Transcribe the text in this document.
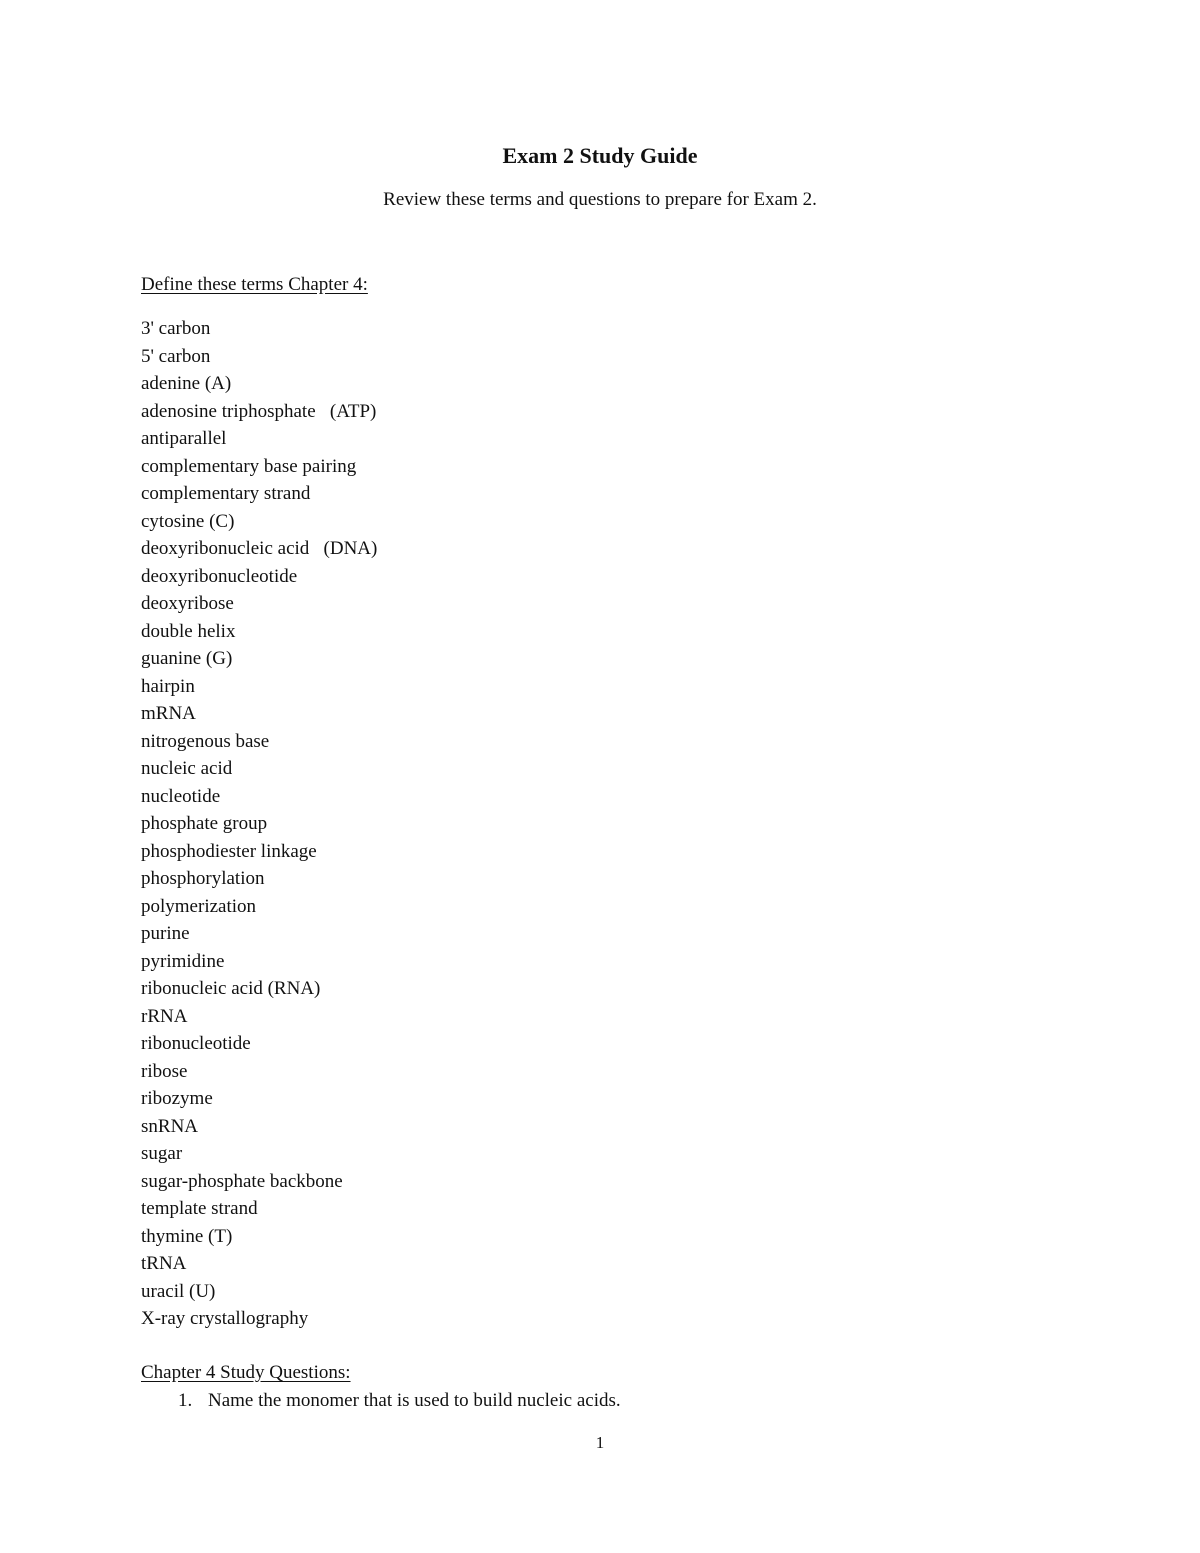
Exam 2 Study Guide
Review these terms and questions to prepare for Exam 2.
Define these terms Chapter 4:
3' carbon
5' carbon
adenine (A)
adenosine triphosphate   (ATP)
antiparallel
complementary base pairing
complementary strand
cytosine (C)
deoxyribonucleic acid   (DNA)
deoxyribonucleotide
deoxyribose
double helix
guanine (G)
hairpin
mRNA
nitrogenous base
nucleic acid
nucleotide
phosphate group
phosphodiester linkage
phosphorylation
polymerization
purine
pyrimidine
ribonucleic acid (RNA)
rRNA
ribonucleotide
ribose
ribozyme
snRNA
sugar
sugar-phosphate backbone
template strand
thymine (T)
tRNA
uracil (U)
X-ray crystallography
Chapter 4 Study Questions:
1. Name the monomer that is used to build nucleic acids.
1
